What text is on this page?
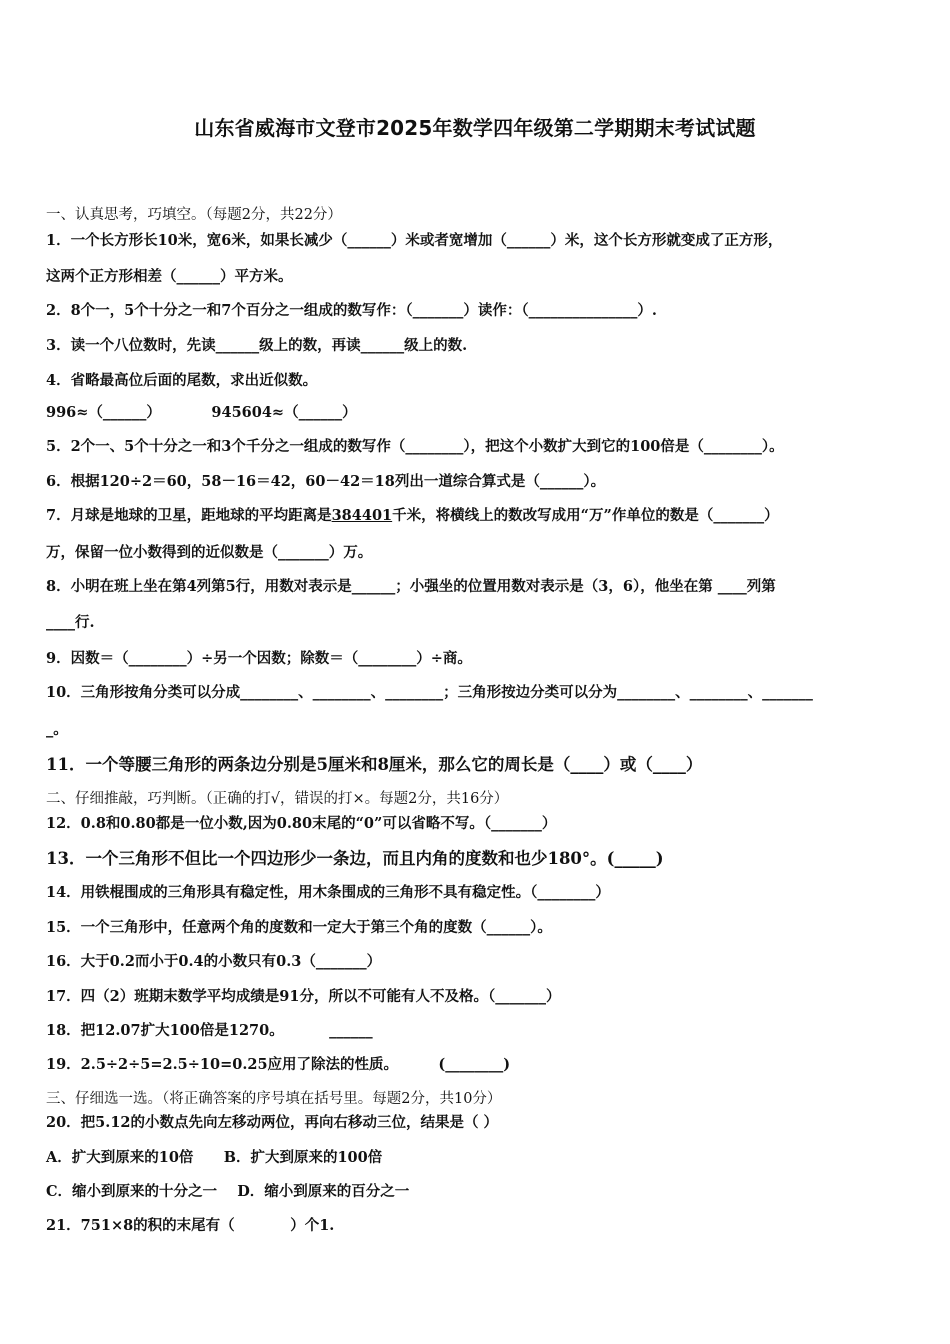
山东省威海市文登市2025年数学四年级第二学期期末考试试题
一、认真思考，巧填空。（每题2分，共22分）
1．一个长方形长10米，宽6米，如果长减少（______）米或者宽增加（______）米，这个长方形就变成了正方形，
这两个正方形相差（______）平方米。
2．8个一，5个十分之一和7个百分之一组成的数写作：（_______）读作：（_______________）.
3．读一个八位数时，先读______级上的数，再读______级上的数.
4．省略最高位后面的尾数，求出近似数。
996≈（______）          945604≈（______）
5．2个一、5个十分之一和3个千分之一组成的数写作（________），把这个小数扩大到它的100倍是（________）。
6．根据120÷2＝60，58－16＝42，60－42＝18列出一道综合算式是（______）。
7．月球是地球的卫星，距地球的平均距离是384401千米，将横线上的数改写成用“万”作单位的数是（_______）
万，保留一位小数得到的近似数是（_______）万。
8．小明在班上坐在第4列第5行，用数对表示是______；小强坐的位置用数对表示是（3，6），他坐在第 ____列第
____行.
9．因数＝（________）÷另一个因数；除数＝（________）÷商。
10．三角形按角分类可以分成________、________、________；三角形按边分类可以分为________、________、_______
_。
11．一个等腰三角形的两条边分别是5厘米和8厘米，那么它的周长是（____）或（____）
二、仔细推敲，巧判断。（正确的打√，错误的打×。每题2分，共16分）
12．0.8和0.80都是一位小数,因为0.80末尾的“0”可以省略不写。（_______）
13．一个三角形不但比一个四边形少一条边，而且内角的度数和也少180°。(_____)
14．用铁棍围成的三角形具有稳定性，用木条围成的三角形不具有稳定性。（________）
15．一个三角形中，任意两个角的度数和一定大于第三个角的度数（______）。
16．大于0.2而小于0.4的小数只有0.3（_______）
17．四（2）班期末数学平均成绩是91分，所以不可能有人不及格。（_______）
18．把12.07扩大100倍是1270。         ______
19．2.5÷2÷5=2.5÷10=0.25应用了除法的性质。        (________)
三、仔细选一选。（将正确答案的序号填在括号里。每题2分，共10分）
20．把5.12的小数点先向左移动两位，再向右移动三位，结果是（ ）
A．扩大到原来的10倍      B．扩大到原来的100倍
C．缩小到原来的十分之一    D．缩小到原来的百分之一
21．751×8的积的末尾有（           ）个1.
